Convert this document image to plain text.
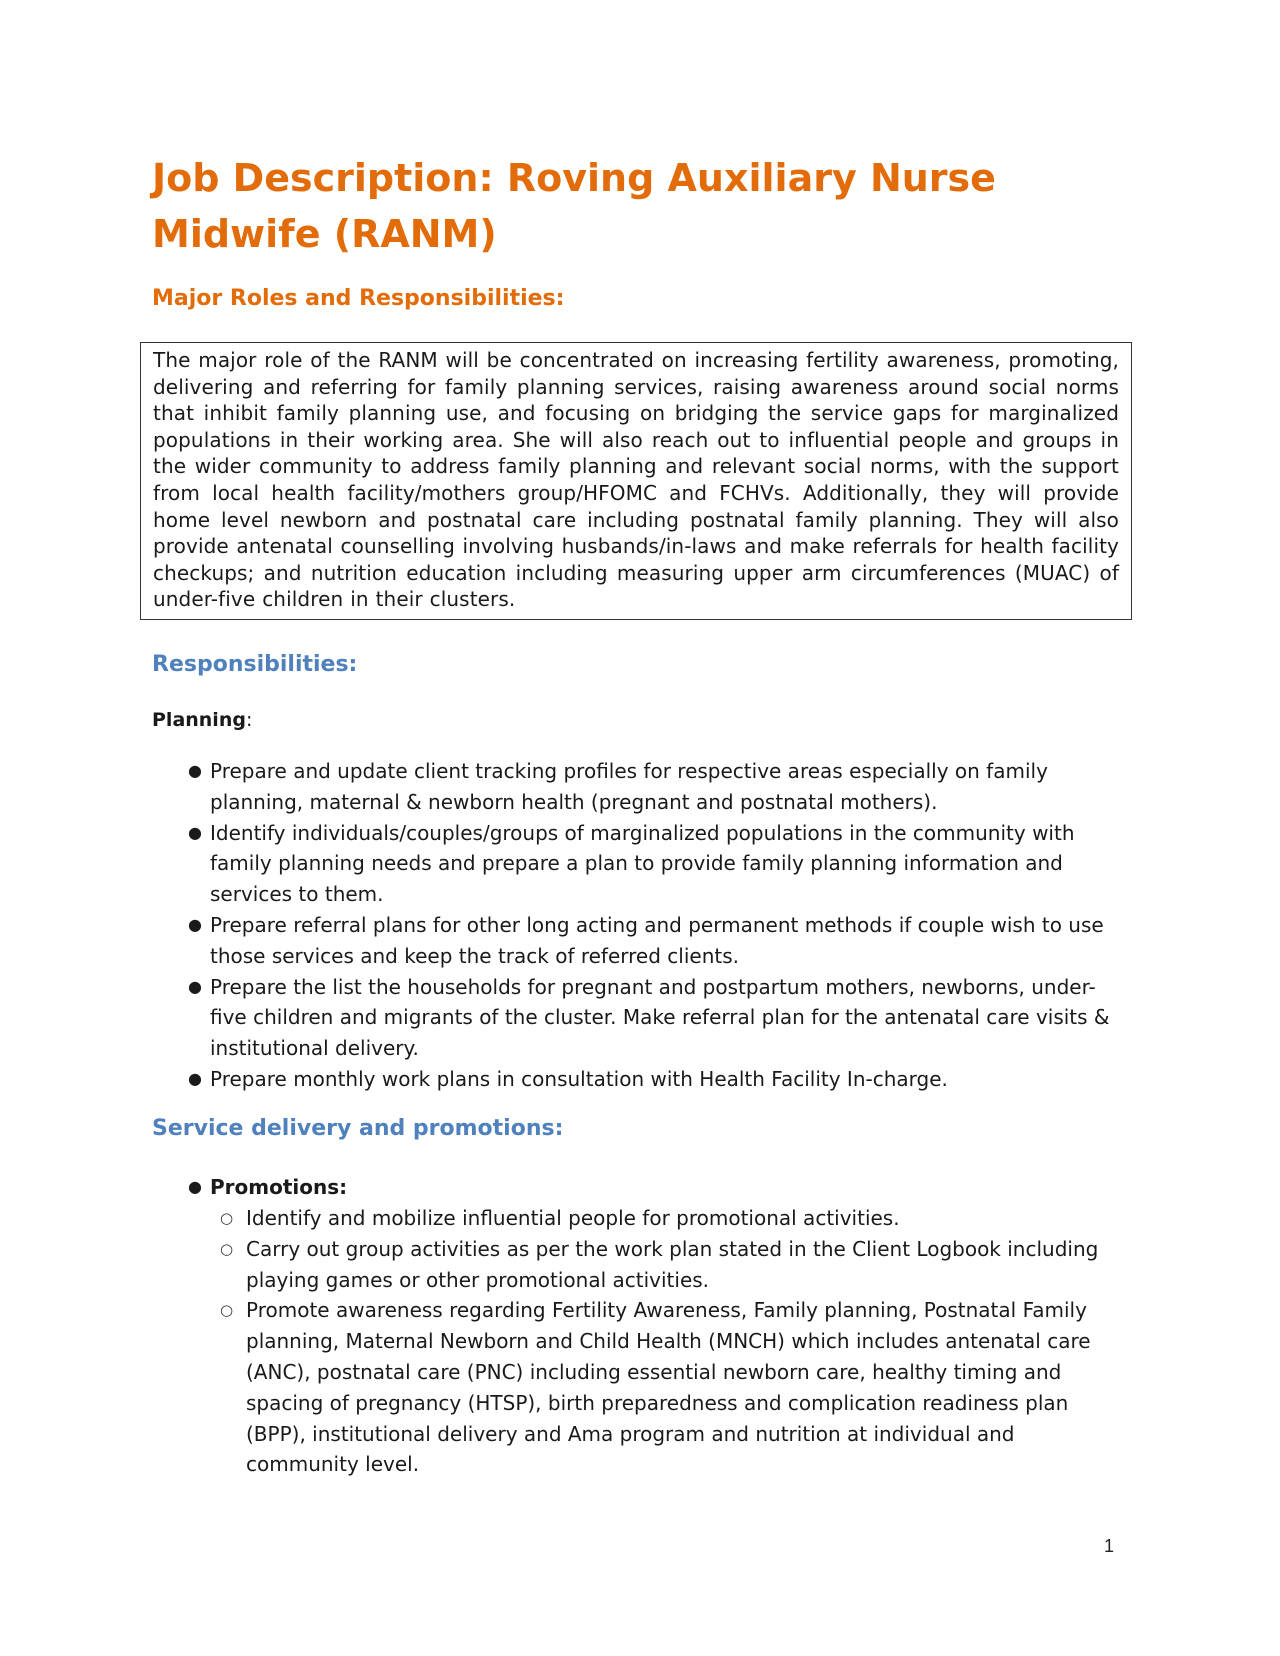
Job Description: Roving Auxiliary Nurse Midwife (RANM)
Major Roles and Responsibilities:

The major role of the RANM will be concentrated on increasing fertility awareness, promoting, delivering and referring for family planning services, raising awareness around social norms that inhibit family planning use, and focusing on bridging the service gaps for marginalized populations in their working area. She will also reach out to influential people and groups in the wider community to address family planning and relevant social norms, with the support from local health facility/mothers group/HFOMC and FCHVs. Additionally, they will provide home level newborn and postnatal care including postnatal family planning. They will also provide antenatal counselling involving husbands/in-laws and make referrals for health facility checkups; and nutrition education including measuring upper arm circumferences (MUAC) of under-five children in their clusters.

Responsibilities:

Planning:

● Prepare and update client tracking profiles for respective areas especially on family planning, maternal & newborn health (pregnant and postnatal mothers).
● Identify individuals/couples/groups of marginalized populations in the community with family planning needs and prepare a plan to provide family planning information and services to them.
● Prepare referral plans for other long acting and permanent methods if couple wish to use those services and keep the track of referred clients.
● Prepare the list the households for pregnant and postpartum mothers, newborns, under-five children and migrants of the cluster. Make referral plan for the antenatal care visits & institutional delivery.
● Prepare monthly work plans in consultation with Health Facility In-charge.
Service delivery and promotions:
● Promotions:
○ Identify and mobilize influential people for promotional activities.
○ Carry out group activities as per the work plan stated in the Client Logbook including playing games or other promotional activities.
○ Promote awareness regarding Fertility Awareness, Family planning, Postnatal Family planning, Maternal Newborn and Child Health (MNCH) which includes antenatal care (ANC), postnatal care (PNC) including essential newborn care, healthy timing and spacing of pregnancy (HTSP), birth preparedness and complication readiness plan (BPP), institutional delivery and Ama program and nutrition at individual and community level.

1
